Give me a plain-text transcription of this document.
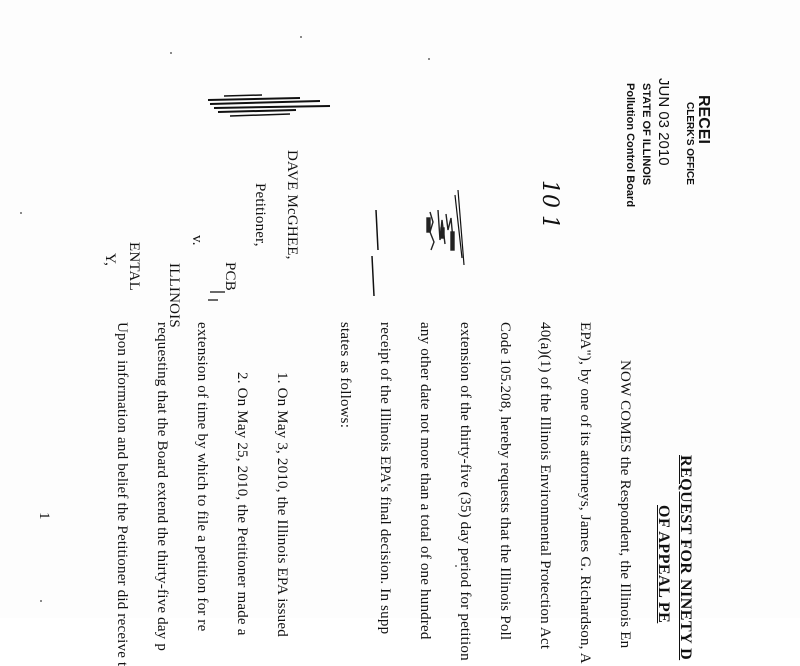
RECEI
CLERK'S OFFICE
JUN 03 2010
STATE OF ILLINOIS
Pollution Control Board
10 1
DAVE McGHEE,
Petitioner,
v.
PCB
ILLINOIS
ENTAL
Y,
REQUEST FOR NINETY D
OF APPEAL PE
NOW COMES the Respondent, the Illinois En
EPA"), by one of its attorneys, James G. Richardson, A
40(a)(1) of the Illinois Environmental Protection Act
Code 105.208, hereby requests that the Illinois Poll
extension of the thirty-five (35) day period for petition
any other date not more than a total of one hundred
receipt of the Illinois EPA's final decision. In supp
states as follows:
1. On May 3, 2010, the Illinois EPA issued
2. On May 25, 2010, the Petitioner made a
extension of time by which to file a petition for re
requesting that the Board extend the thirty-five day p
Upon information and belief the Petitioner did receive t
1
